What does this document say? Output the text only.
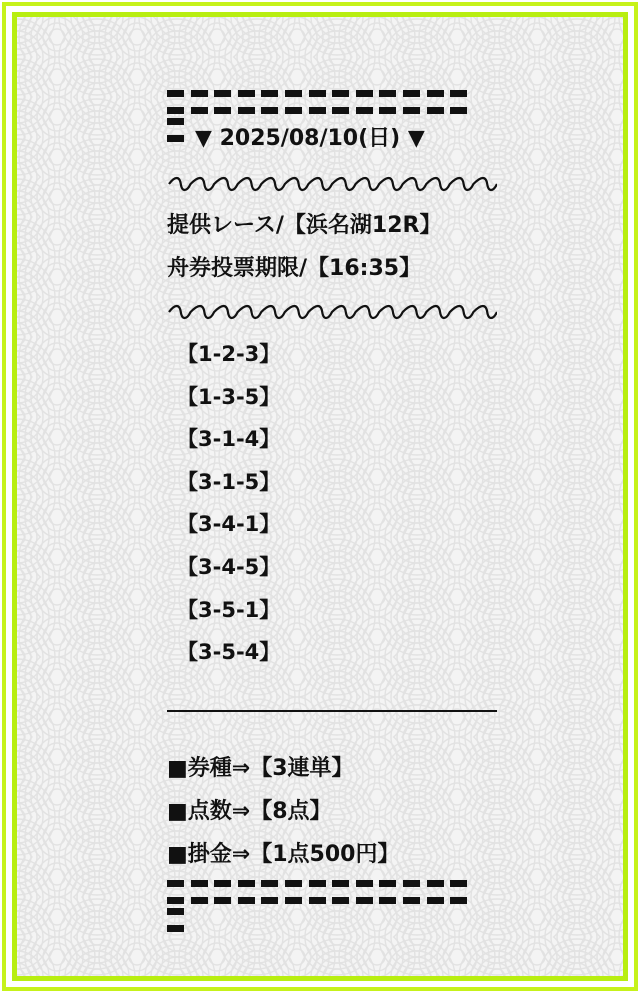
▼ 2025/08/10(日) ▼
提供レース/【浜名湖12R】
舟券投票期限/【16:35】
【1-2-3】
【1-3-5】
【3-1-4】
【3-1-5】
【3-4-1】
【3-4-5】
【3-5-1】
【3-5-4】
■券種⇒【3連単】
■点数⇒【8点】
■掛金⇒【1点500円】
